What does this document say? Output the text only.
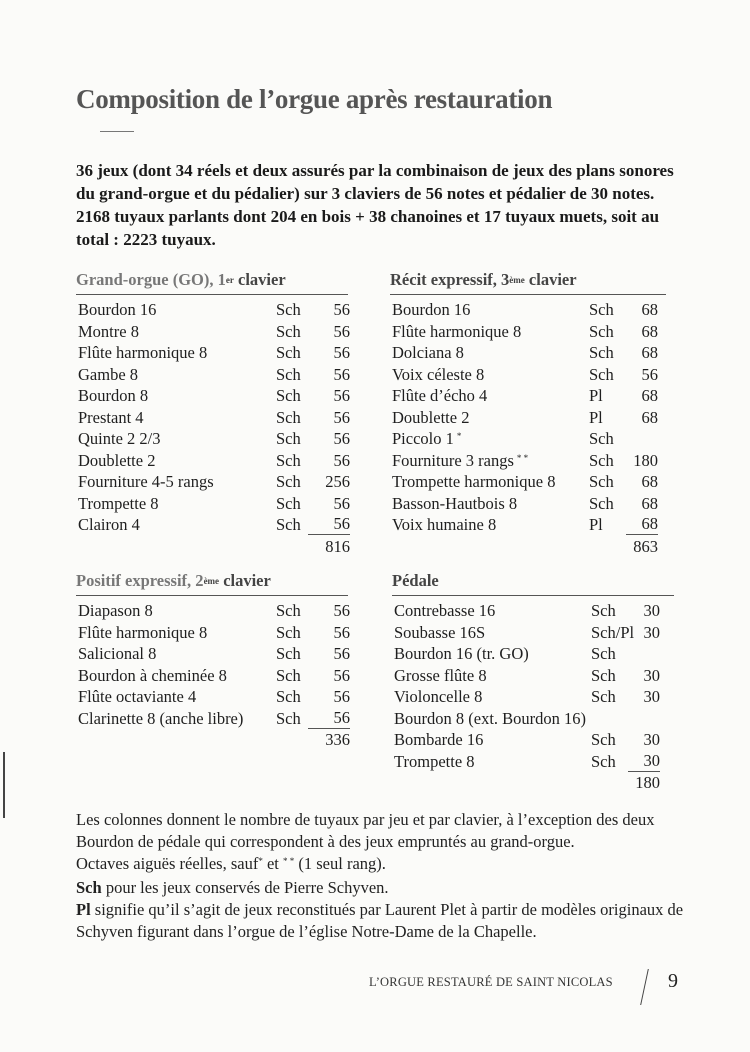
Composition de l’orgue après restauration

36 jeux (dont 34 réels et deux assurés par la combinaison de jeux des plans sonores du grand-orgue et du pédalier) sur 3 claviers de 56 notes et pédalier de 30 notes. 2168 tuyaux parlants dont 204 en bois + 38 chanoines et 17 tuyaux muets, soit au total : 2223 tuyaux.

Grand-orgue (GO), 1er clavier
Bourdon 16	Sch	56
Montre 8	Sch	56
Flûte harmonique 8	Sch	56
Gambe 8	Sch	56
Bourdon 8	Sch	56
Prestant 4	Sch	56
Quinte 2 2/3	Sch	56
Doublette 2	Sch	56
Fourniture 4-5 rangs	Sch	256
Trompette 8	Sch	56
Clairon 4	Sch	56
816
Récit expressif, 3ème clavier
Bourdon 16	Sch	68
Flûte harmonique 8	Sch	68
Dolciana 8	Sch	68
Voix céleste 8	Sch	56
Flûte d’écho 4	Pl	68
Doublette 2	Pl	68
Piccolo 1 *	Sch
Fourniture 3 rangs * *	Sch	180
Trompette harmonique 8 Sch	68
Basson-Hautbois 8	Sch	68
Voix humaine 8	Pl	68
863
Positif expressif, 2ème clavier
Diapason 8	Sch	56
Flûte harmonique 8	Sch	56
Salicional 8	Sch	56
Bourdon à cheminée 8	Sch	56
Flûte octaviante 4	Sch	56
Clarinette 8 (anche libre) Sch	56
336
Pédale
Contrebasse 16	Sch	30
Soubasse 16S	Sch/Pl 30
Bourdon 16 (tr. GO)	Sch
Grosse flûte 8	Sch	30
Violoncelle 8	Sch	30
Bourdon 8 (ext. Bourdon 16)
Bombarde 16	Sch	30
Trompette 8	Sch	30
180

Les colonnes donnent le nombre de tuyaux par jeu et par clavier, à l’exception des deux Bourdon de pédale qui correspondent à des jeux empruntés au grand-orgue.

Octaves aiguës réelles, sauf* et * * (1 seul rang).

Sch pour les jeux conservés de Pierre Schyven.

Pl signifie qu’il s’agit de jeux reconstitués par Laurent Plet à partir de modèles originaux de Schyven figurant dans l’orgue de l’église Notre-Dame de la Chapelle.

L’ORGUE RESTAURÉ DE SAINT NICOLAS	9
